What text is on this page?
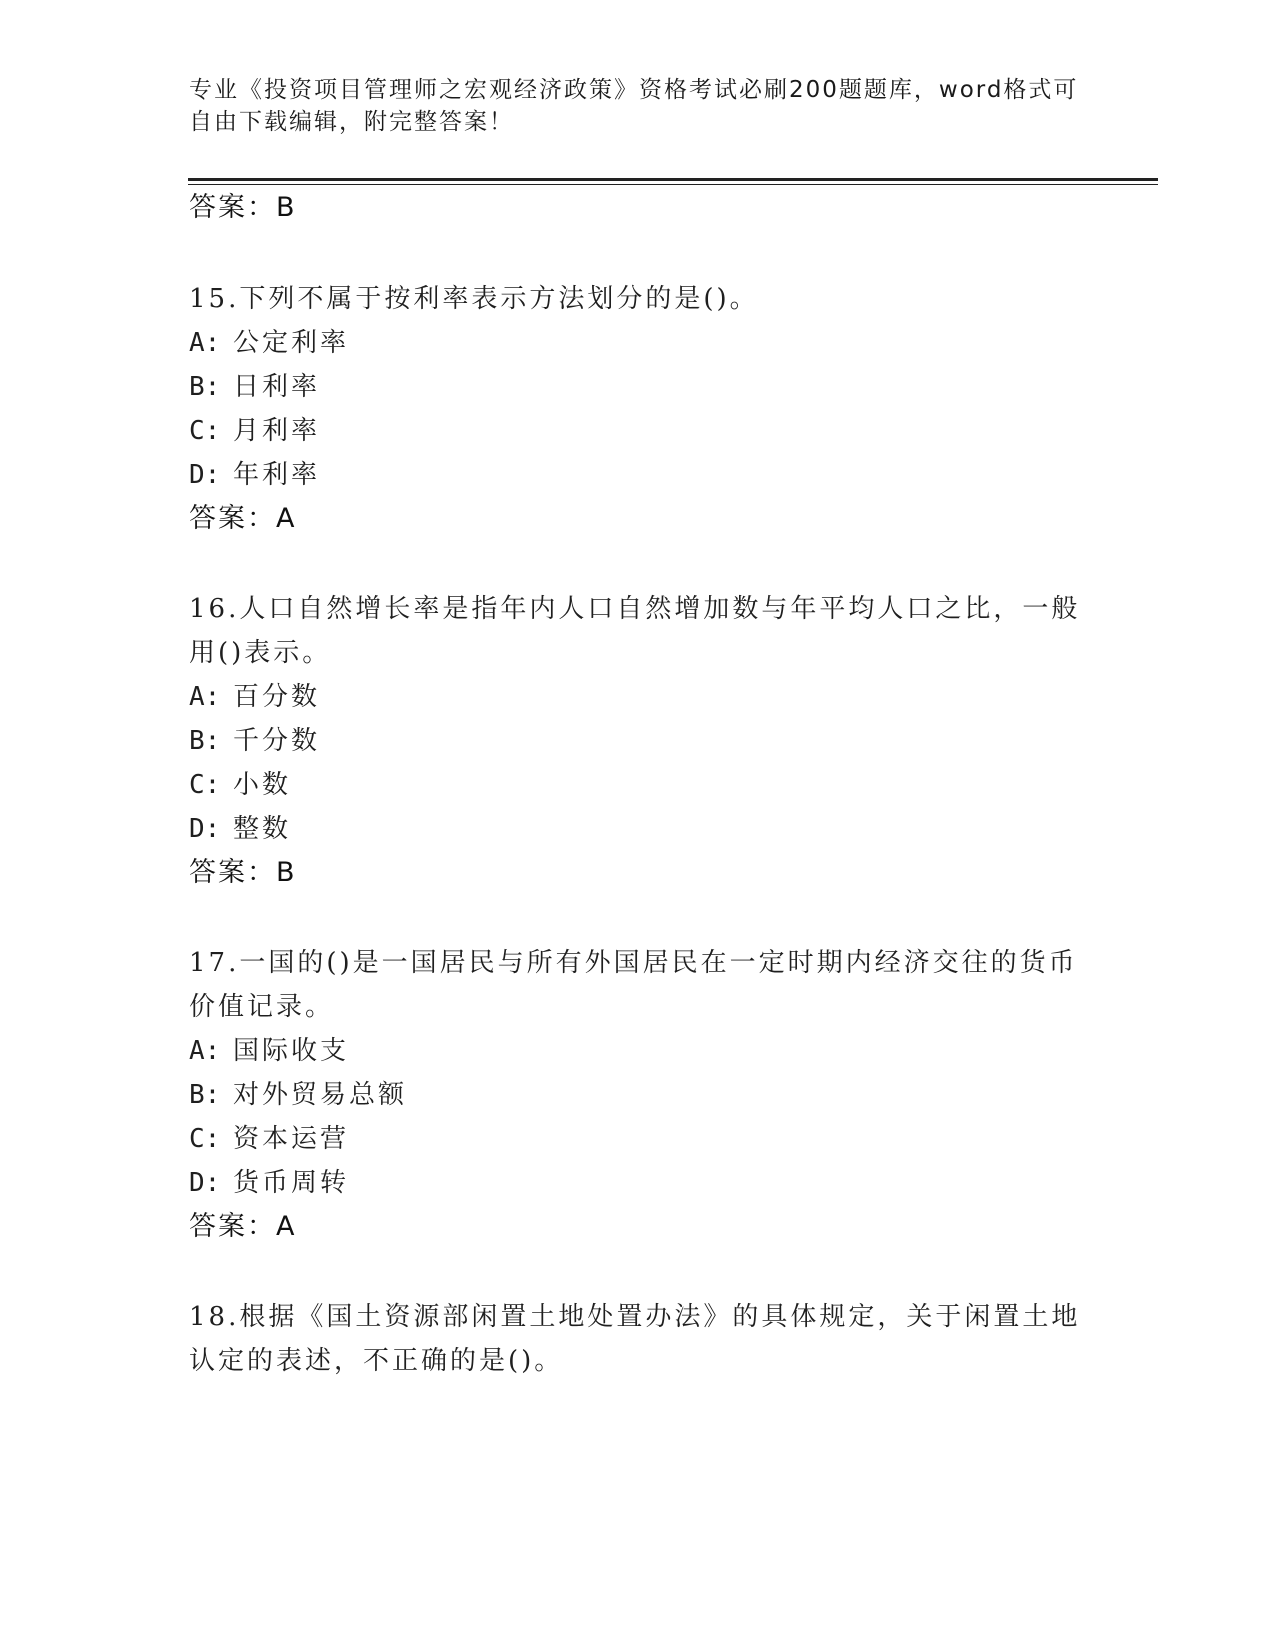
专业《投资项目管理师之宏观经济政策》资格考试必刷200题题库，word格式可
自由下载编辑，附完整答案！
答案：B
15.下列不属于按利率表示方法划分的是()。
A: 公定利率
B: 日利率
C: 月利率
D: 年利率
答案：A
16.人口自然增长率是指年内人口自然增加数与年平均人口之比，一般
用()表示。
A: 百分数
B: 千分数
C: 小数
D: 整数
答案：B
17.一国的()是一国居民与所有外国居民在一定时期内经济交往的货币
价值记录。
A: 国际收支
B: 对外贸易总额
C: 资本运营
D: 货币周转
答案：A
18.根据《国土资源部闲置土地处置办法》的具体规定，关于闲置土地
认定的表述，不正确的是()。
